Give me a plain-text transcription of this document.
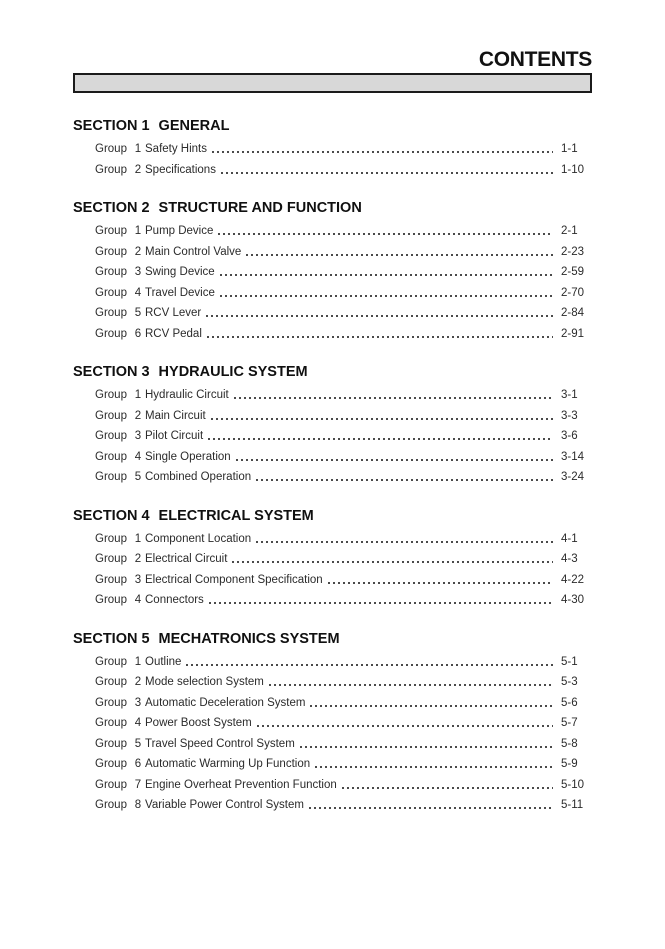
CONTENTS
SECTION 1 GENERAL
Group 1 Safety Hints	1-1
Group 2 Specifications	1-10
SECTION 2 STRUCTURE AND FUNCTION
Group 1 Pump Device	2-1
Group 2 Main Control Valve	2-23
Group 3 Swing Device	2-59
Group 4 Travel Device	2-70
Group 5 RCV Lever	2-84
Group 6 RCV Pedal	2-91
SECTION 3 HYDRAULIC SYSTEM
Group 1 Hydraulic Circuit	3-1
Group 2 Main Circuit	3-3
Group 3 Pilot Circuit	3-6
Group 4 Single Operation	3-14
Group 5 Combined Operation	3-24
SECTION 4 ELECTRICAL SYSTEM
Group 1 Component Location	4-1
Group 2 Electrical Circuit	4-3
Group 3 Electrical Component Specification	4-22
Group 4 Connectors	4-30
SECTION 5 MECHATRONICS SYSTEM
Group 1 Outline	5-1
Group 2 Mode selection System	5-3
Group 3 Automatic Deceleration System	5-6
Group 4 Power Boost System	5-7
Group 5 Travel Speed Control System	5-8
Group 6 Automatic Warming Up Function	5-9
Group 7 Engine Overheat Prevention Function	5-10
Group 8 Variable Power Control System	5-11
